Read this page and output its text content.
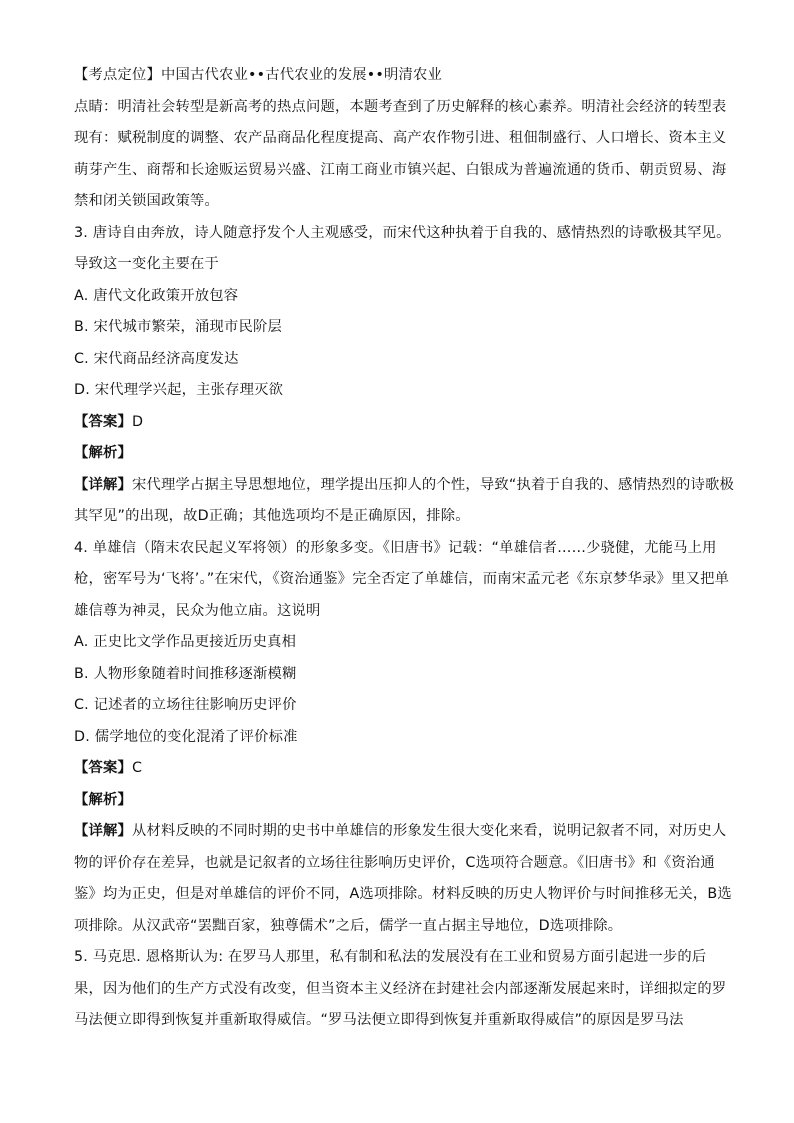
【考点定位】中国古代农业••古代农业的发展••明清农业

点睛：明清社会转型是新高考的热点问题，本题考查到了历史解释的核心素养。明清社会经济的转型表现有：赋税制度的调整、农产品商品化程度提高、高产农作物引进、租佃制盛行、人口增长、资本主义萌芽产生、商帮和长途贩运贸易兴盛、江南工商业市镇兴起、白银成为普遍流通的货币、朝贡贸易、海禁和闭关锁国政策等。

3. 唐诗自由奔放，诗人随意抒发个人主观感受，而宋代这种执着于自我的、感情热烈的诗歌极其罕见。导致这一变化主要在于

A. 唐代文化政策开放包容

B. 宋代城市繁荣，涌现市民阶层

C. 宋代商品经济高度发达

D. 宋代理学兴起，主张存理灭欲

【答案】D

【解析】

【详解】宋代理学占据主导思想地位，理学提出压抑人的个性，导致“执着于自我的、感情热烈的诗歌极其罕见”的出现，故D正确；其他选项均不是正确原因，排除。

4. 单雄信（隋末农民起义军将领）的形象多变。《旧唐书》记载：“单雄信者……少骁健，尤能马上用枪，密军号为‘飞将’。”在宋代，《资治通鉴》完全否定了单雄信，而南宋孟元老《东京梦华录》里又把单雄信尊为神灵，民众为他立庙。这说明

A. 正史比文学作品更接近历史真相

B. 人物形象随着时间推移逐渐模糊

C. 记述者的立场往往影响历史评价

D. 儒学地位的变化混淆了评价标准

【答案】C

【解析】

【详解】从材料反映的不同时期的史书中单雄信的形象发生很大变化来看，说明记叙者不同，对历史人物的评价存在差异，也就是记叙者的立场往往影响历史评价，C选项符合题意。《旧唐书》和《资治通鉴》均为正史，但是对单雄信的评价不同，A选项排除。材料反映的历史人物评价与时间推移无关，B选项排除。从汉武帝“罢黜百家，独尊儒术”之后，儒学一直占据主导地位，D选项排除。

5. 马克思. 恩格斯认为: 在罗马人那里，私有制和私法的发展没有在工业和贸易方面引起进一步的后果，因为他们的生产方式没有改变，但当资本主义经济在封建社会内部逐渐发展起来时，详细拟定的罗马法便立即得到恢复并重新取得威信。“罗马法便立即得到恢复并重新取得威信”的原因是罗马法
